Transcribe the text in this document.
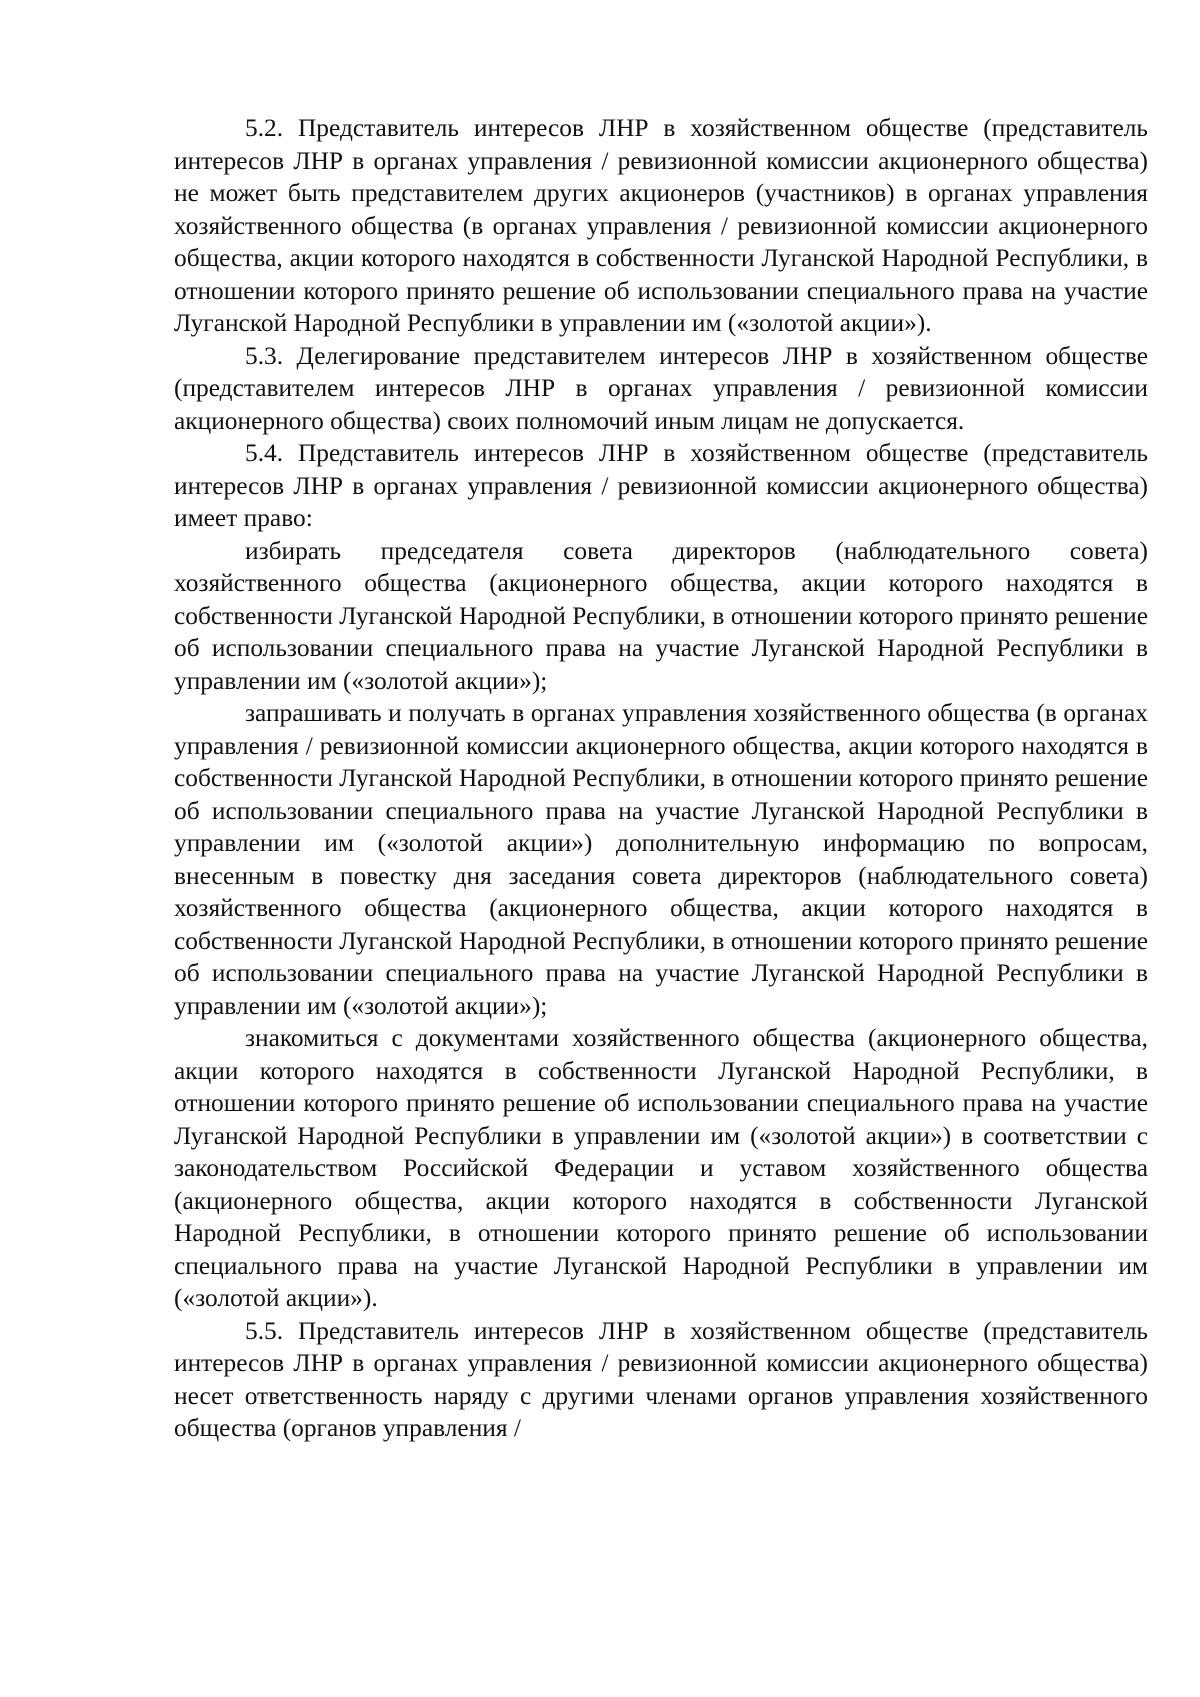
5.2. Представитель интересов ЛНР в хозяйственном обществе (представитель интересов ЛНР в органах управления / ревизионной комиссии акционерного общества) не может быть представителем других акционеров (участников) в органах управления хозяйственного общества (в органах управления / ревизионной комиссии акционерного общества, акции которого находятся в собственности Луганской Народной Республики, в отношении которого принято решение об использовании специального права на участие Луганской Народной Республики в управлении им («золотой акции»).

5.3. Делегирование представителем интересов ЛНР в хозяйственном обществе (представителем интересов ЛНР в органах управления / ревизионной комиссии акционерного общества) своих полномочий иным лицам не допускается.

5.4. Представитель интересов ЛНР в хозяйственном обществе (представитель интересов ЛНР в органах управления / ревизионной комиссии акционерного общества) имеет право:

избирать председателя совета директоров (наблюдательного совета) хозяйственного общества (акционерного общества, акции которого находятся в собственности Луганской Народной Республики, в отношении которого принято решение об использовании специального права на участие Луганской Народной Республики в управлении им («золотой акции»);

запрашивать и получать в органах управления хозяйственного общества (в органах управления / ревизионной комиссии акционерного общества, акции которого находятся в собственности Луганской Народной Республики, в отношении которого принято решение об использовании специального права на участие Луганской Народной Республики в управлении им («золотой акции») дополнительную информацию по вопросам, внесенным в повестку дня заседания совета директоров (наблюдательного совета) хозяйственного общества (акционерного общества, акции которого находятся в собственности Луганской Народной Республики, в отношении которого принято решение об использовании специального права на участие Луганской Народной Республики в управлении им («золотой акции»);

знакомиться с документами хозяйственного общества (акционерного общества, акции которого находятся в собственности Луганской Народной Республики, в отношении которого принято решение об использовании специального права на участие Луганской Народной Республики в управлении им («золотой акции») в соответствии с законодательством Российской Федерации и уставом хозяйственного общества (акционерного общества, акции которого находятся в собственности Луганской Народной Республики, в отношении которого принято решение об использовании специального права на участие Луганской Народной Республики в управлении им («золотой акции»).

5.5. Представитель интересов ЛНР в хозяйственном обществе (представитель интересов ЛНР в органах управления / ревизионной комиссии акционерного общества) несет ответственность наряду с другими членами органов управления хозяйственного общества (органов управления /
